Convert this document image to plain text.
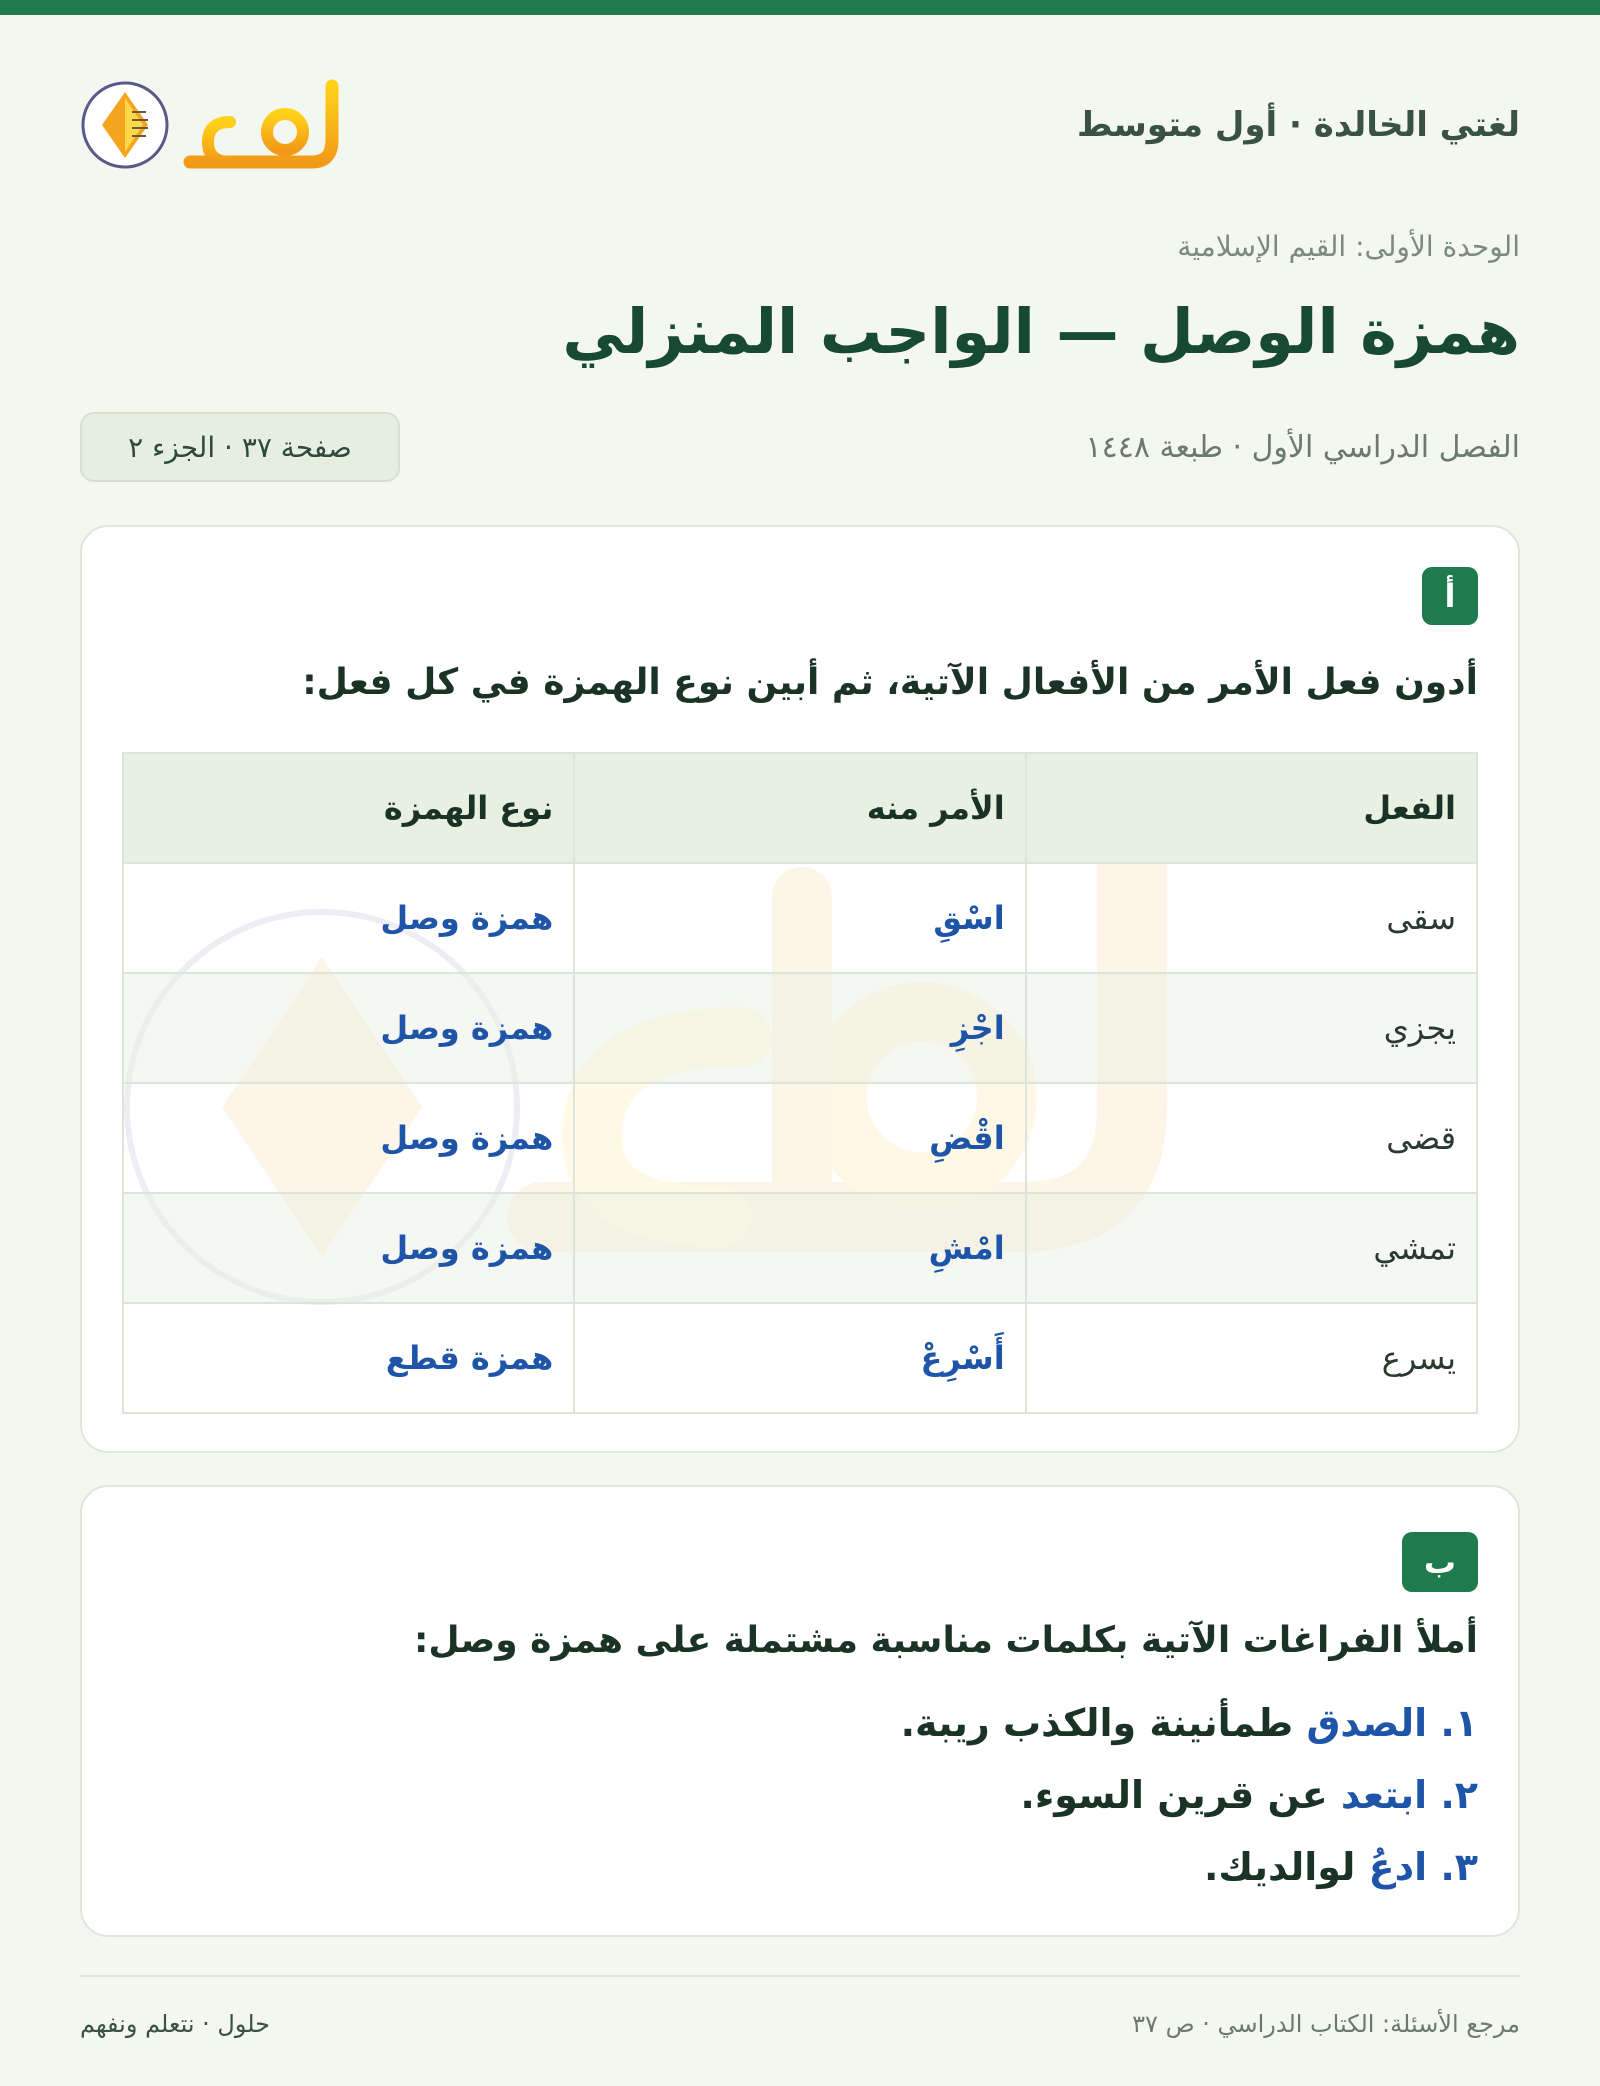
لغتي الخالدة · أول متوسط
الوحدة الأولى: القيم الإسلامية
همزة الوصل — الواجب المنزلي
الفصل الدراسي الأول · طبعة ١٤٤٨
صفحة ٣٧ · الجزء ٢
أ
أدون فعل الأمر من الأفعال الآتية، ثم أبين نوع الهمزة في كل فعل:
الفعل	الأمر منه	نوع الهمزة
سقى	اسْقِ	همزة وصل
يجزي	اجْزِ	همزة وصل
قضى	اقْضِ	همزة وصل
تمشي	امْشِ	همزة وصل
يسرع	أَسْرِعْ	همزة قطع
ب
أملأ الفراغات الآتية بكلمات مناسبة مشتملة على همزة وصل:
١. الصدق طمأنينة والكذب ريبة.
٢. ابتعد عن قرين السوء.
٣. ادعُ لوالديك.
مرجع الأسئلة: الكتاب الدراسي · ص ٣٧
حلول · نتعلم ونفهم
